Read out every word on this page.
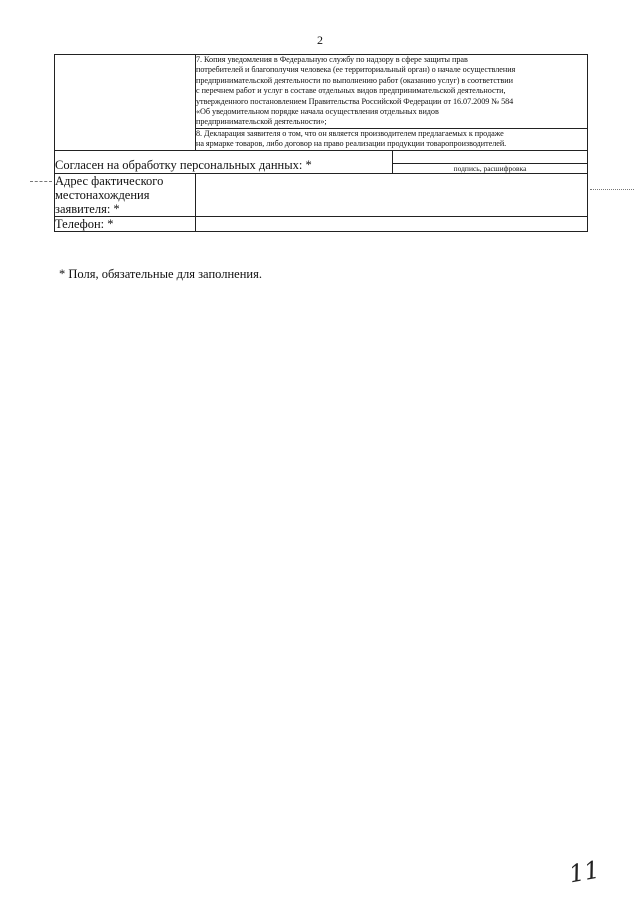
2
	7. Копия уведомления в Федеральную службу по надзору в сфере защиты прав
потребителей и благополучия человека (ее территориальный орган) о начале осуществления
предпринимательской деятельности по выполнению работ (оказанию услуг) в соответствии
с перечнем работ и услуг в составе отдельных видов предпринимательской деятельности,
утвержденного постановлением Правительства Российской Федерации от 16.07.2009 № 584
«Об уведомительном порядке начала осуществления отдельных видов
предпринимательской деятельности»;
8. Декларация заявителя о том, что он является производителем предлагаемых к продаже
на ярмарке товаров, либо договор на право реализации продукции товаропроизводителей.
Согласен на обработку персональных данных: *		подпись, расшифровка

Адрес фактического
местонахождения
заявителя: *	
Телефон: *	
* Поля, обязательные для заполнения.
11
